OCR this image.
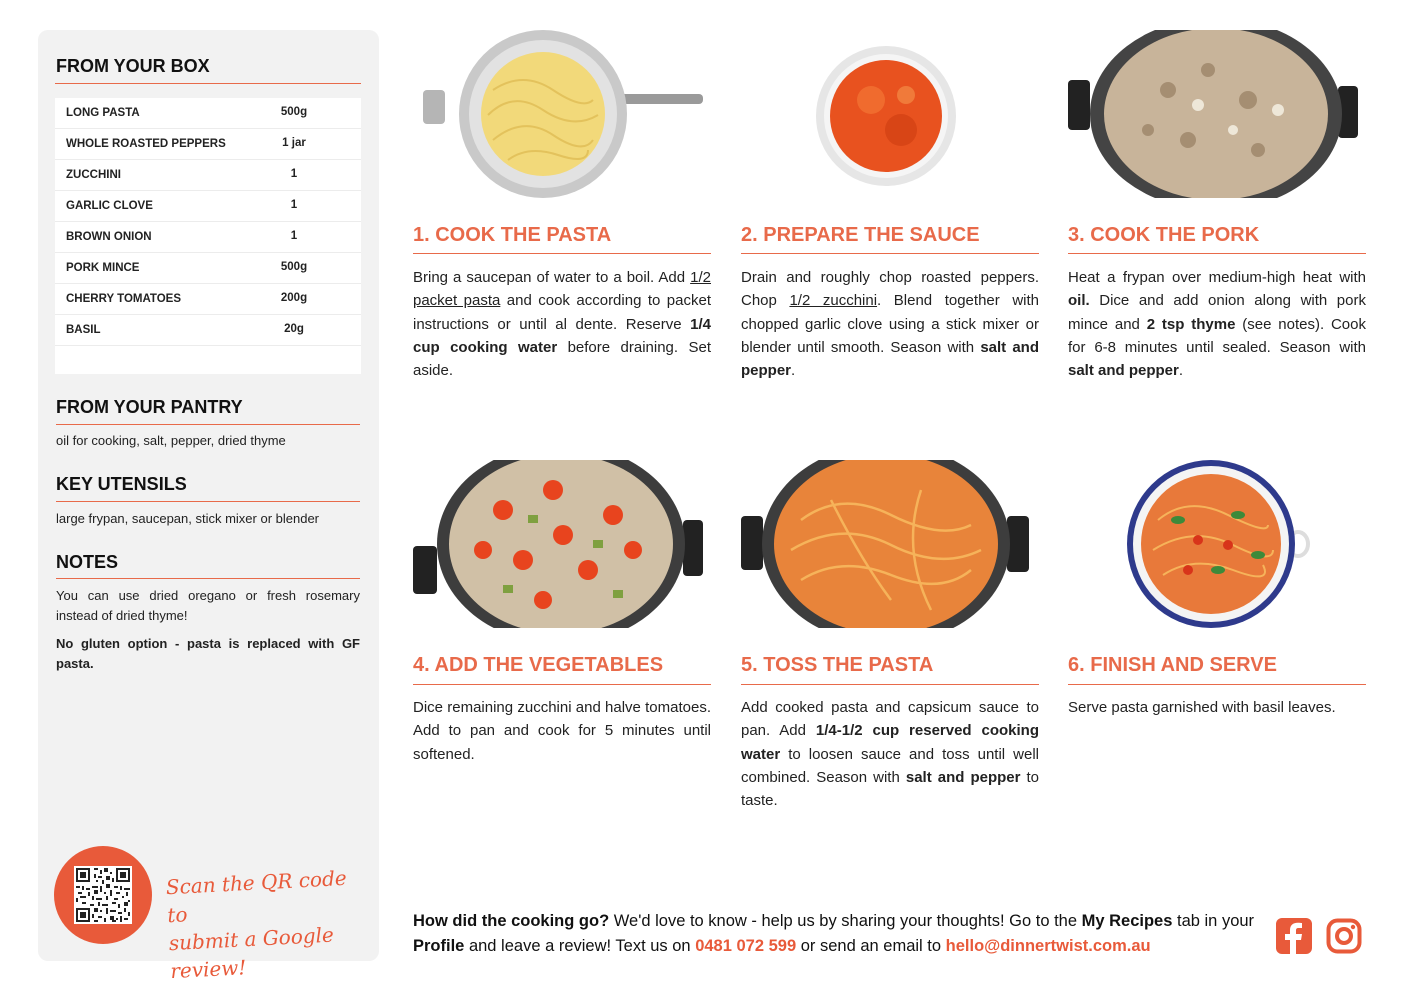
FROM YOUR BOX
LONG PASTA	500g
WHOLE ROASTED PEPPERS	1 jar
ZUCCHINI	1
GARLIC CLOVE	1
BROWN ONION	1
PORK MINCE	500g
CHERRY TOMATOES	200g
BASIL	20g
FROM YOUR PANTRY
oil for cooking, salt, pepper, dried thyme
KEY UTENSILS
large frypan, saucepan, stick mixer or blender
NOTES
You can use dried oregano or fresh rosemary instead of dried thyme!
No gluten option - pasta is replaced with GF pasta.
Scan the QR code to
submit a Google review!
1. COOK THE PASTA
Bring a saucepan of water to a boil. Add 1/2 packet pasta and cook according to packet instructions or until al dente. Reserve 1/4 cup cooking water before draining. Set aside.
2. PREPARE THE SAUCE
Drain and roughly chop roasted peppers. Chop 1/2 zucchini. Blend together with chopped garlic clove using a stick mixer or blender until smooth. Season with salt and pepper.
3. COOK THE PORK
Heat a frypan over medium-high heat with oil. Dice and add onion along with pork mince and 2 tsp thyme (see notes). Cook for 6-8 minutes until sealed. Season with salt and pepper.
4. ADD THE VEGETABLES
Dice remaining zucchini and halve tomatoes. Add to pan and cook for 5 minutes until softened.
5. TOSS THE PASTA
Add cooked pasta and capsicum sauce to pan. Add 1/4-1/2 cup reserved cooking water to loosen sauce and toss until well combined. Season with salt and pepper to taste.
6. FINISH AND SERVE
Serve pasta garnished with basil leaves.
How did the cooking go? We'd love to know - help us by sharing your thoughts! Go to the My Recipes tab in your Profile and leave a review! Text us on 0481 072 599 or send an email to hello@dinnertwist.com.au
